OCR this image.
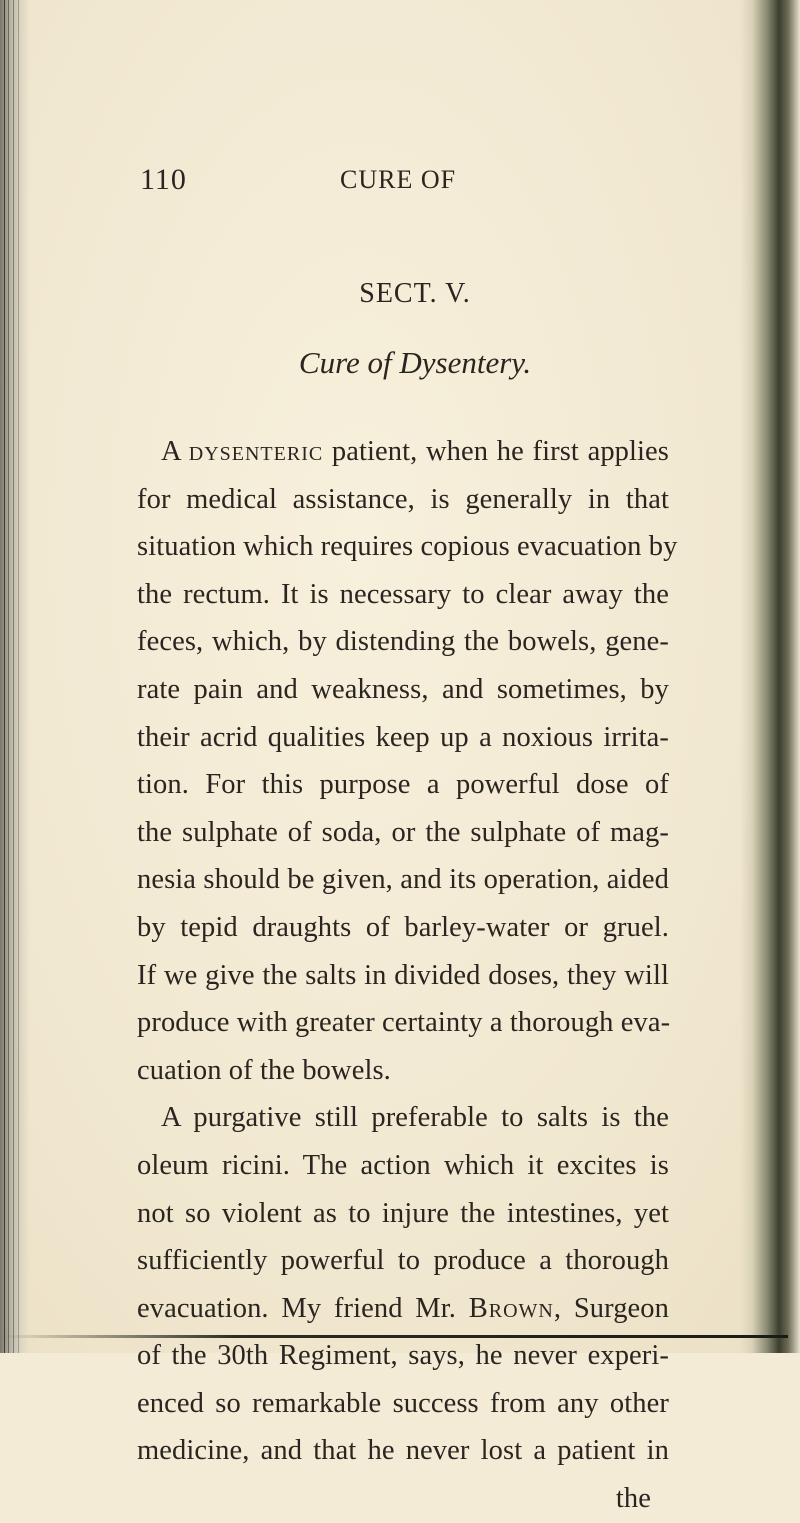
110	CURE OF
SECT. V.
Cure of Dysentery.
A dysenteric patient, when he first applies
for medical assistance, is generally in that
situation which requires copious evacuation by
the rectum. It is necessary to clear away the
feces, which, by distending the bowels, gene-
rate pain and weakness, and sometimes, by
their acrid qualities keep up a noxious irrita-
tion. For this purpose a powerful dose of
the sulphate of soda, or the sulphate of mag-
nesia should be given, and its operation, aided
by tepid draughts of barley-water or gruel.
If we give the salts in divided doses, they will
produce with greater certainty a thorough eva-
cuation of the bowels.
A purgative still preferable to salts is the
oleum ricini. The action which it excites is
not so violent as to injure the intestines, yet
sufficiently powerful to produce a thorough
evacuation. My friend Mr. Brown, Surgeon
of the 30th Regiment, says, he never experi-
enced so remarkable success from any other
medicine, and that he never lost a patient in
the
